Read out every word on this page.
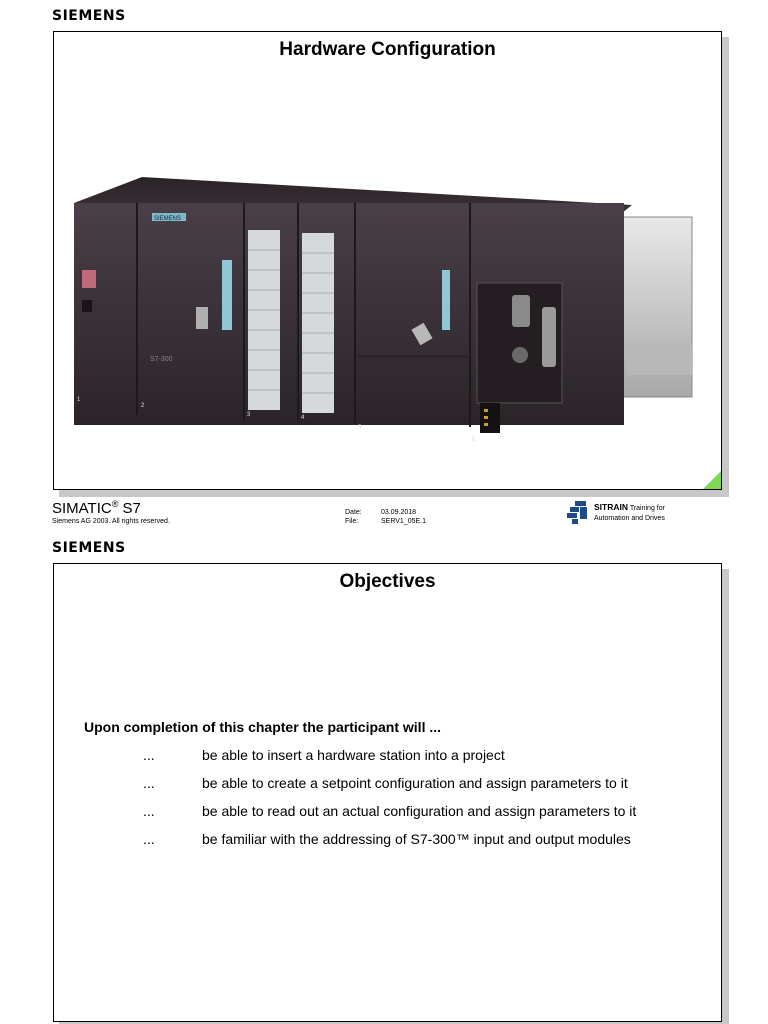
SIEMENS
Hardware Configuration
SIEMENS
S7-300
1
2
3	4
5
6
SIMATIC® S7
Siemens AG 2003. All rights reserved.
Date:	03.09.2018
File:	SERV1_05E.1
SITRAIN Training for
Automation and Drives
SIEMENS
Objectives
Upon completion of this chapter the participant will ...
...	be able to insert a hardware station into a project
...	be able to create a setpoint configuration and assign parameters to it
...	be able to read out an actual configuration and assign parameters to it
...	be familiar with the addressing of S7-300™ input and output modules
